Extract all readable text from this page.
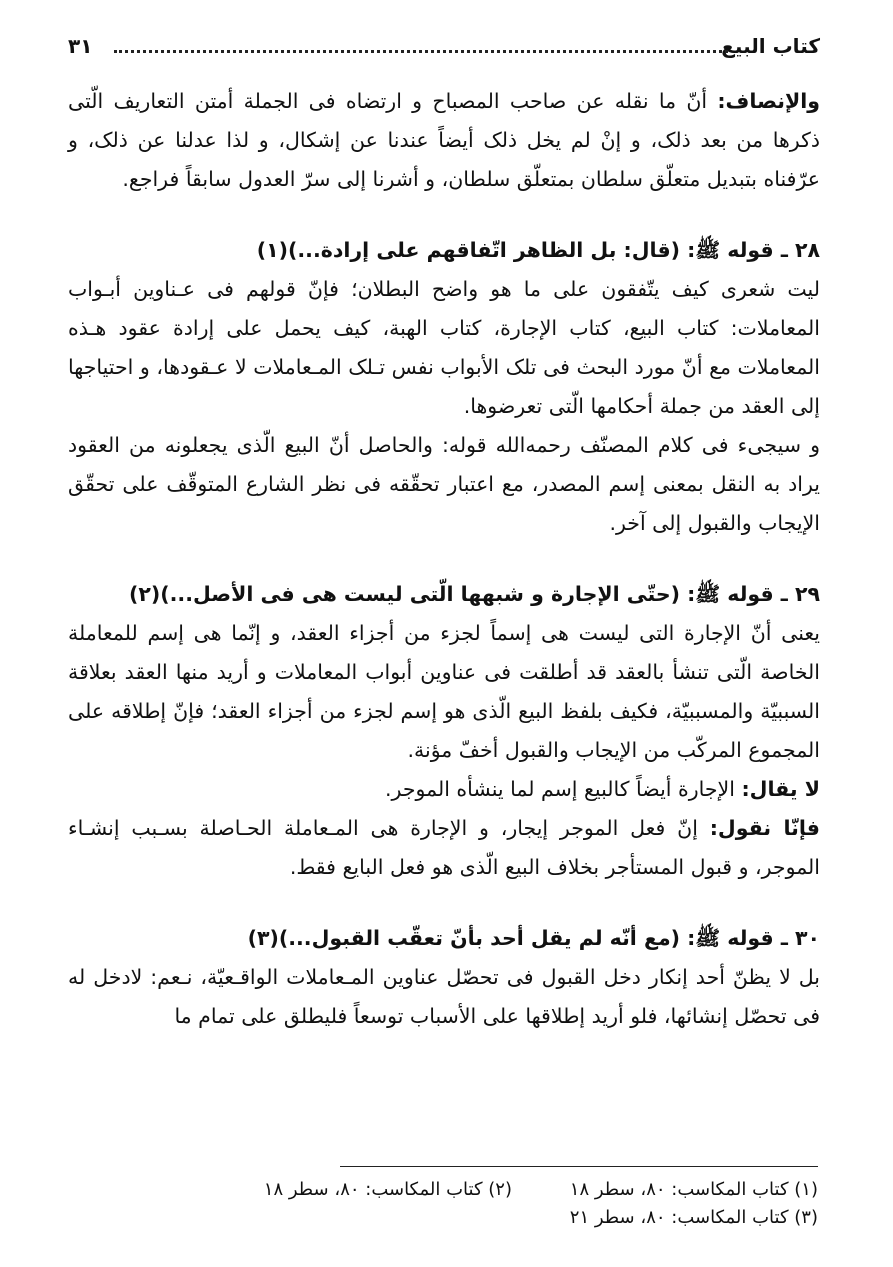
کتاب البیع
٣١

والإنصاف: أنّ ما نقله عن صاحب المصباح و ارتضاه فی الجملة أمتن التعاریف الّتی ذکرها من بعد ذلک، و إنْ لم یخل ذلک أیضاً عندنا عن إشکال، و لذا عدلنا عن ذلک، و عرّفناه بتبدیل متعلّق سلطان بمتعلّق سلطان، و أشرنا إلی سرّ العدول سابقاً فراجع.

٢٨ ـ قوله ﷺ: (قال: بل الظاهر اتّفاقهم علی إرادة...)(١)

لیت شعری کیف یتّفقون علی ما هو واضح البطلان؛ فإنّ قولهم فی عـناوین أبـواب المعاملات: کتاب البیع، کتاب الإجارة، کتاب الهبة، کیف یحمل علی إرادة عقود هـذه المعاملات مع أنّ مورد البحث فی تلک الأبواب نفس تـلک المـعاملات لا عـقودها، و احتیاجها إلی العقد من جملة أحکامها الّتی تعرضوها.

و سیجیء فی کلام المصنّف رحمه‌الله قوله: والحاصل أنّ البیع الّذی یجعلونه من العقود یراد به النقل بمعنی إسم المصدر، مع اعتبار تحقّقه فی نظر الشارع المتوقّف علی تحقّق الإیجاب والقبول إلی آخر.

٢٩ ـ قوله ﷺ: (حتّی الإجارة و شبهها الّتی لیست هی فی الأصل...)(٢)

یعنی أنّ الإجارة التی لیست هی إسماً لجزء من أجزاء العقد، و إنّما هی إسم للمعاملة الخاصة الّتی تنشأ بالعقد قد أطلقت فی عناوین أبواب المعاملات و أرید منها العقد بعلاقة السببیّة والمسببیّة، فکیف بلفظ البیع الّذی هو إسم لجزء من أجزاء العقد؛ فإنّ إطلاقه علی المجموع المرکّب من الإیجاب والقبول أخفّ مؤنة.

لا یقال: الإجارة أیضاً کالبیع إسم لما ینشأه الموجر.

فإنّا نقول: إنّ فعل الموجر إیجار، و الإجارة هی المـعاملة الحـاصلة بسـبب إنشـاء الموجر، و قبول المستأجر بخلاف البیع الّذی هو فعل البایع فقط.

٣٠ ـ قوله ﷺ: (مع أنّه لم یقل أحد بأنّ تعقّب القبول...)(٣)

بل لا یظنّ أحد إنکار دخل القبول فی تحصّل عناوین المـعاملات الواقـعیّة، نـعم: لادخل له فی تحصّل إنشائها، فلو أرید إطلاقها علی الأسباب توسعاً فلیطلق علی تمام ما

(١) کتاب المکاسب: ٨٠، سطر ١٨
(٢) کتاب المکاسب: ٨٠، سطر ١٨
(٣) کتاب المکاسب: ٨٠، سطر ٢١
